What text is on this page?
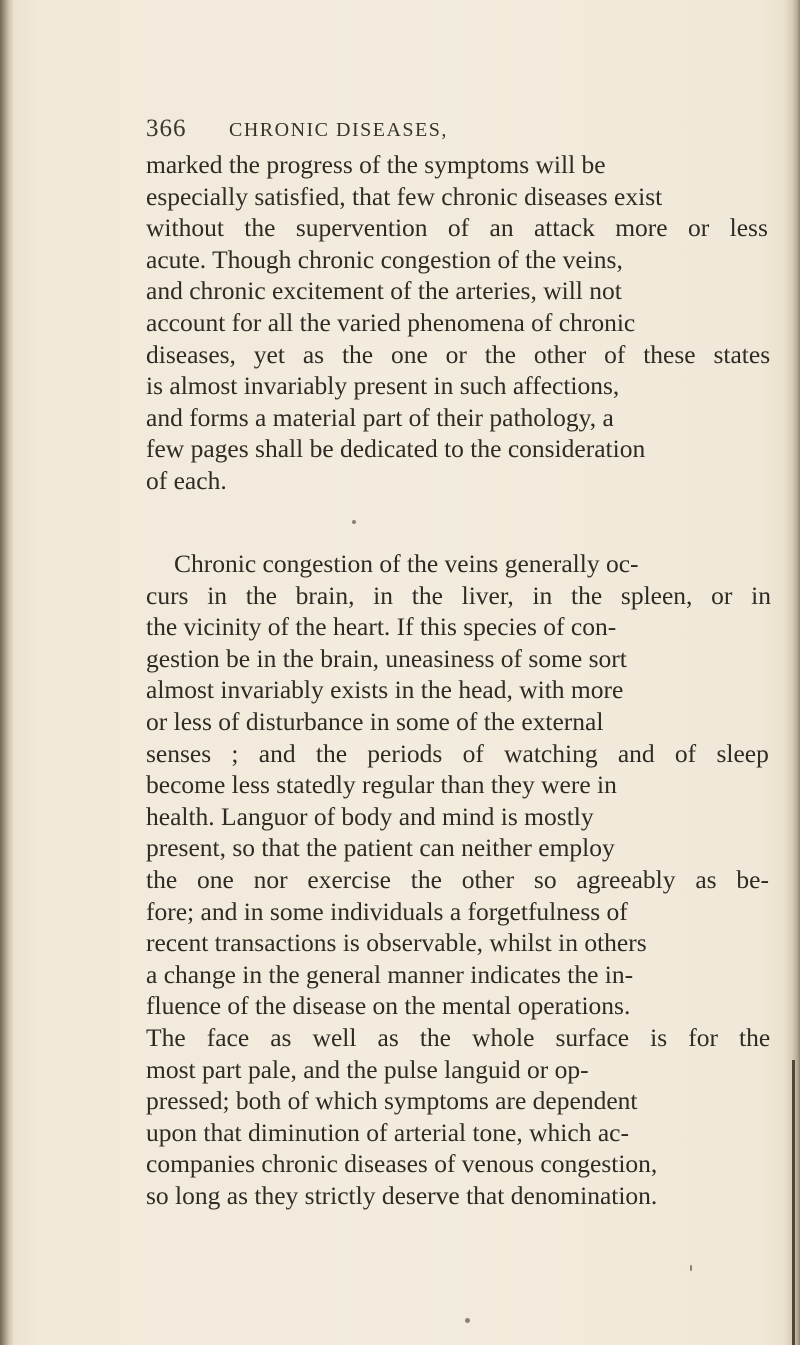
366 CHRONIC DISEASES,
marked the progress of the symptoms will be
especially satisfied, that few chronic diseases exist
without the supervention of an attack more or less
acute. Though chronic congestion of the veins,
and chronic excitement of the arteries, will not
account for all the varied phenomena of chronic
diseases, yet as the one or the other of these states
is almost invariably present in such affections,
and forms a material part of their pathology, a
few pages shall be dedicated to the consideration
of each.
Chronic congestion of the veins generally oc-
curs in the brain, in the liver, in the spleen, or in
the vicinity of the heart. If this species of con-
gestion be in the brain, uneasiness of some sort
almost invariably exists in the head, with more
or less of disturbance in some of the external
senses ; and the periods of watching and of sleep
become less statedly regular than they were in
health. Languor of body and mind is mostly
present, so that the patient can neither employ
the one nor exercise the other so agreeably as be-
fore; and in some individuals a forgetfulness of
recent transactions is observable, whilst in others
a change in the general manner indicates the in-
fluence of the disease on the mental operations.
The face as well as the whole surface is for the
most part pale, and the pulse languid or op-
pressed; both of which symptoms are dependent
upon that diminution of arterial tone, which ac-
companies chronic diseases of venous congestion,
so long as they strictly deserve that denomination.
